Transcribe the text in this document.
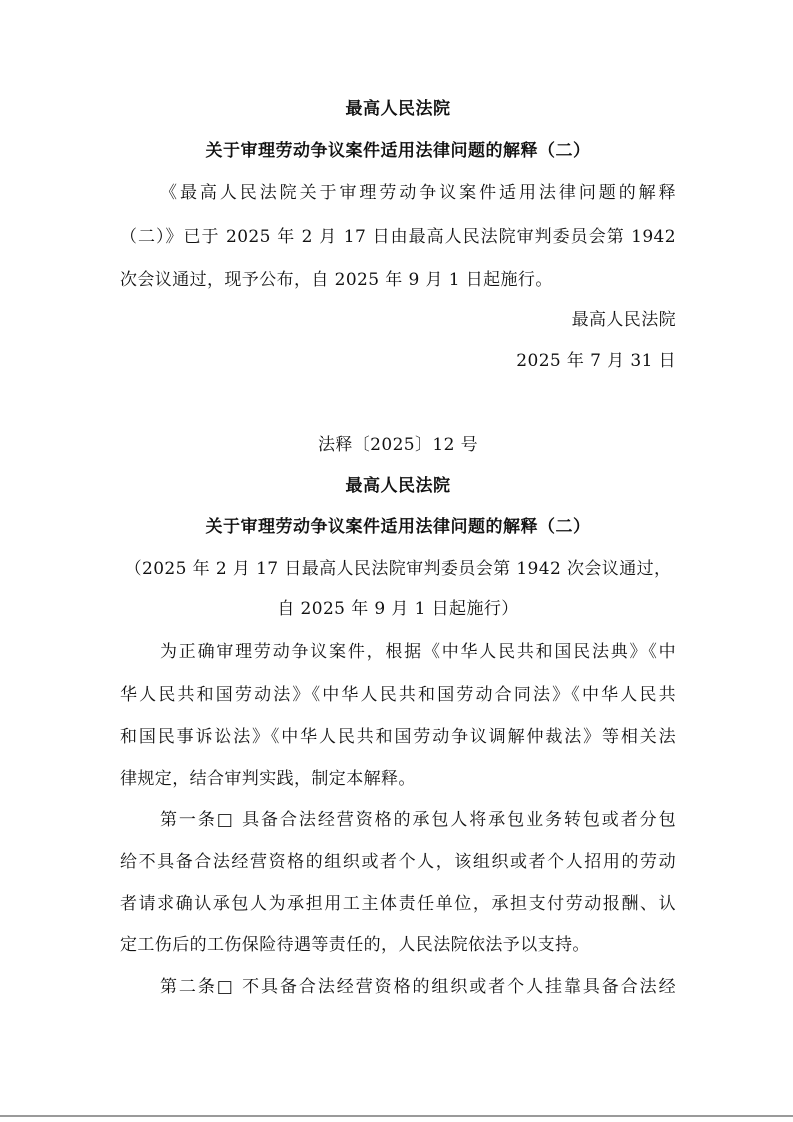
最高人民法院
关于审理劳动争议案件适用法律问题的解释（二）
《最高人民法院关于审理劳动争议案件适用法律问题的解释
（二）》已于 2025 年 2 月 17 日由最高人民法院审判委员会第 1942
次会议通过，现予公布，自 2025 年 9 月 1 日起施行。
最高人民法院
2025 年 7 月 31 日
法释〔2025〕12 号
最高人民法院
关于审理劳动争议案件适用法律问题的解释（二）
（2025 年 2 月 17 日最高人民法院审判委员会第 1942 次会议通过，
自 2025 年 9 月 1 日起施行）
为正确审理劳动争议案件，根据《中华人民共和国民法典》《中
华人民共和国劳动法》《中华人民共和国劳动合同法》《中华人民共
和国民事诉讼法》《中华人民共和国劳动争议调解仲裁法》等相关法
律规定，结合审判实践，制定本解释。
第一条□ 具备合法经营资格的承包人将承包业务转包或者分包
给不具备合法经营资格的组织或者个人，该组织或者个人招用的劳动
者请求确认承包人为承担用工主体责任单位，承担支付劳动报酬、认
定工伤后的工伤保险待遇等责任的，人民法院依法予以支持。
第二条□ 不具备合法经营资格的组织或者个人挂靠具备合法经
